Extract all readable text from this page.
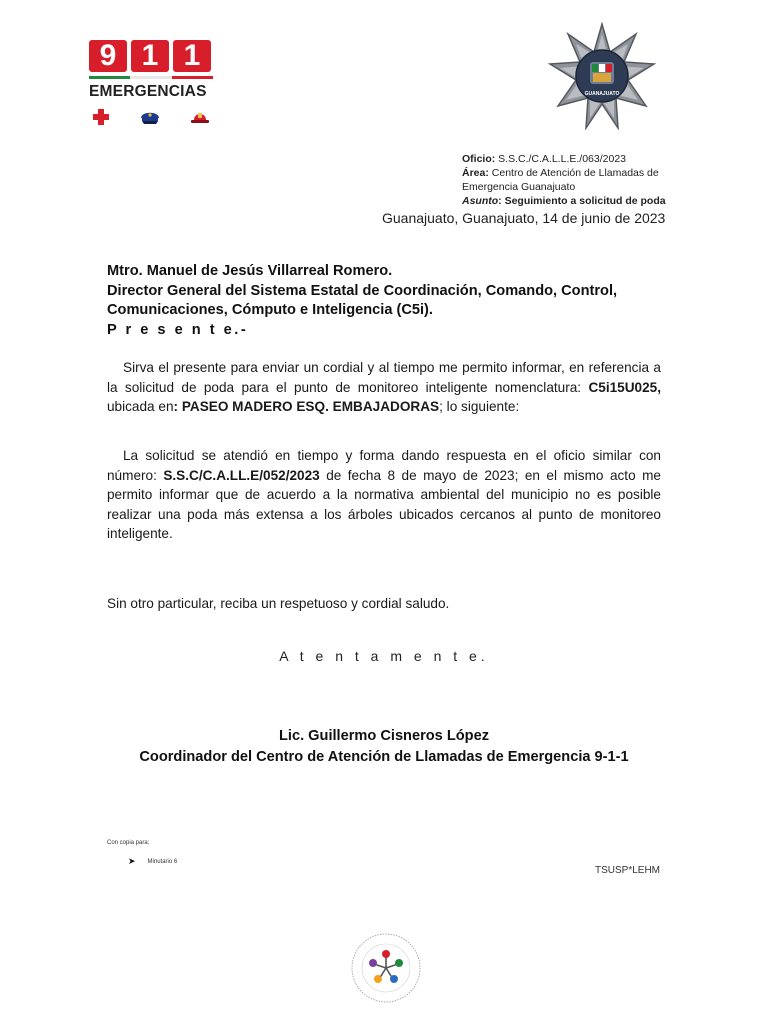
9 1 1
EMERGENCIAS	GUANAJUATO
Oficio: S.S.C./C.A.L.L.E./063/2023
Área: Centro de Atención de Llamadas de Emergencia Guanajuato
Asunto: Seguimiento a solicitud de poda
Guanajuato, Guanajuato, 14 de junio de 2023
Mtro. Manuel de Jesús Villarreal Romero.
Director General del Sistema Estatal de Coordinación, Comando, Control, Comunicaciones, Cómputo e Inteligencia (C5i).
P r e s e n t e.-
Sirva el presente para enviar un cordial y al tiempo me permito informar, en referencia a la solicitud de poda para el punto de monitoreo inteligente nomenclatura: C5i15U025, ubicada en: PASEO MADERO ESQ. EMBAJADORAS; lo siguiente:
La solicitud se atendió en tiempo y forma dando respuesta en el oficio similar con número: S.S.C/C.A.LL.E/052/2023 de fecha 8 de mayo de 2023; en el mismo acto me permito informar que de acuerdo a la normativa ambiental del municipio no es posible realizar una poda más extensa a los árboles ubicados cercanos al punto de monitoreo inteligente.
Sin otro particular, reciba un respetuoso y cordial saludo.
A t e n t a m e n t e.
Lic. Guillermo Cisneros López
Coordinador del Centro de Atención de Llamadas de Emergencia 9-1-1
Con copia para:
➤ Minutario 6
TSUSP*LEHM
